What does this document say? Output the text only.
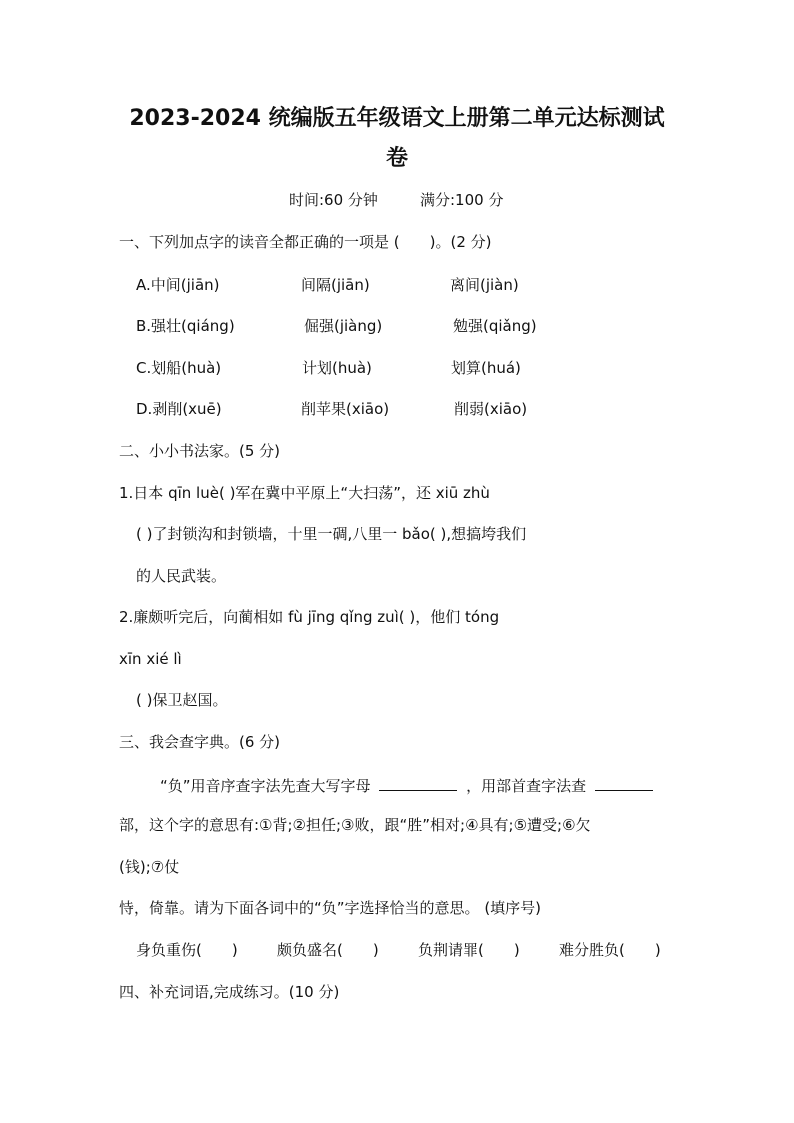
2023-2024 统编版五年级语文上册第二单元达标测试
卷
时间:60 分钟	满分:100 分
一、下列加点字的读音全都正确的一项是 (　　)。(2 分)
A.中间(jiān)	间隔(jiān)	离间(jiàn)
B.强壮(qiáng)	倔强(jiàng)	勉强(qiǎng)
C.划船(huà)	计划(huà)	划算(huá)
D.剥削(xuē)	削苹果(xiāo)	削弱(xiāo)
二、小小书法家。(5 分)
1.日本 qīn luè( )军在冀中平原上“大扫荡”，还 xiū zhù
( )了封锁沟和封锁墙，十里一碉,八里一 bǎo( ),想搞垮我们
的人民武装。
2.廉颇听完后，向蔺相如 fù jīng qǐng zuì( )，他们 tóng
xīn xié lì
( )保卫赵国。
三、我会查字典。(6 分)
“负”用音序查字法先查大写字母	，用部首查字法查
部，这个字的意思有:①背;②担任;③败，跟“胜”相对;④具有;⑤遭受;⑥欠
(钱);⑦仗
恃，倚靠。请为下面各词中的“负”字选择恰当的意思。 (填序号)
身负重伤(　　)	颇负盛名(　　)	负荆请罪(　　)	难分胜负(　　)
四、补充词语,完成练习。(10 分)
